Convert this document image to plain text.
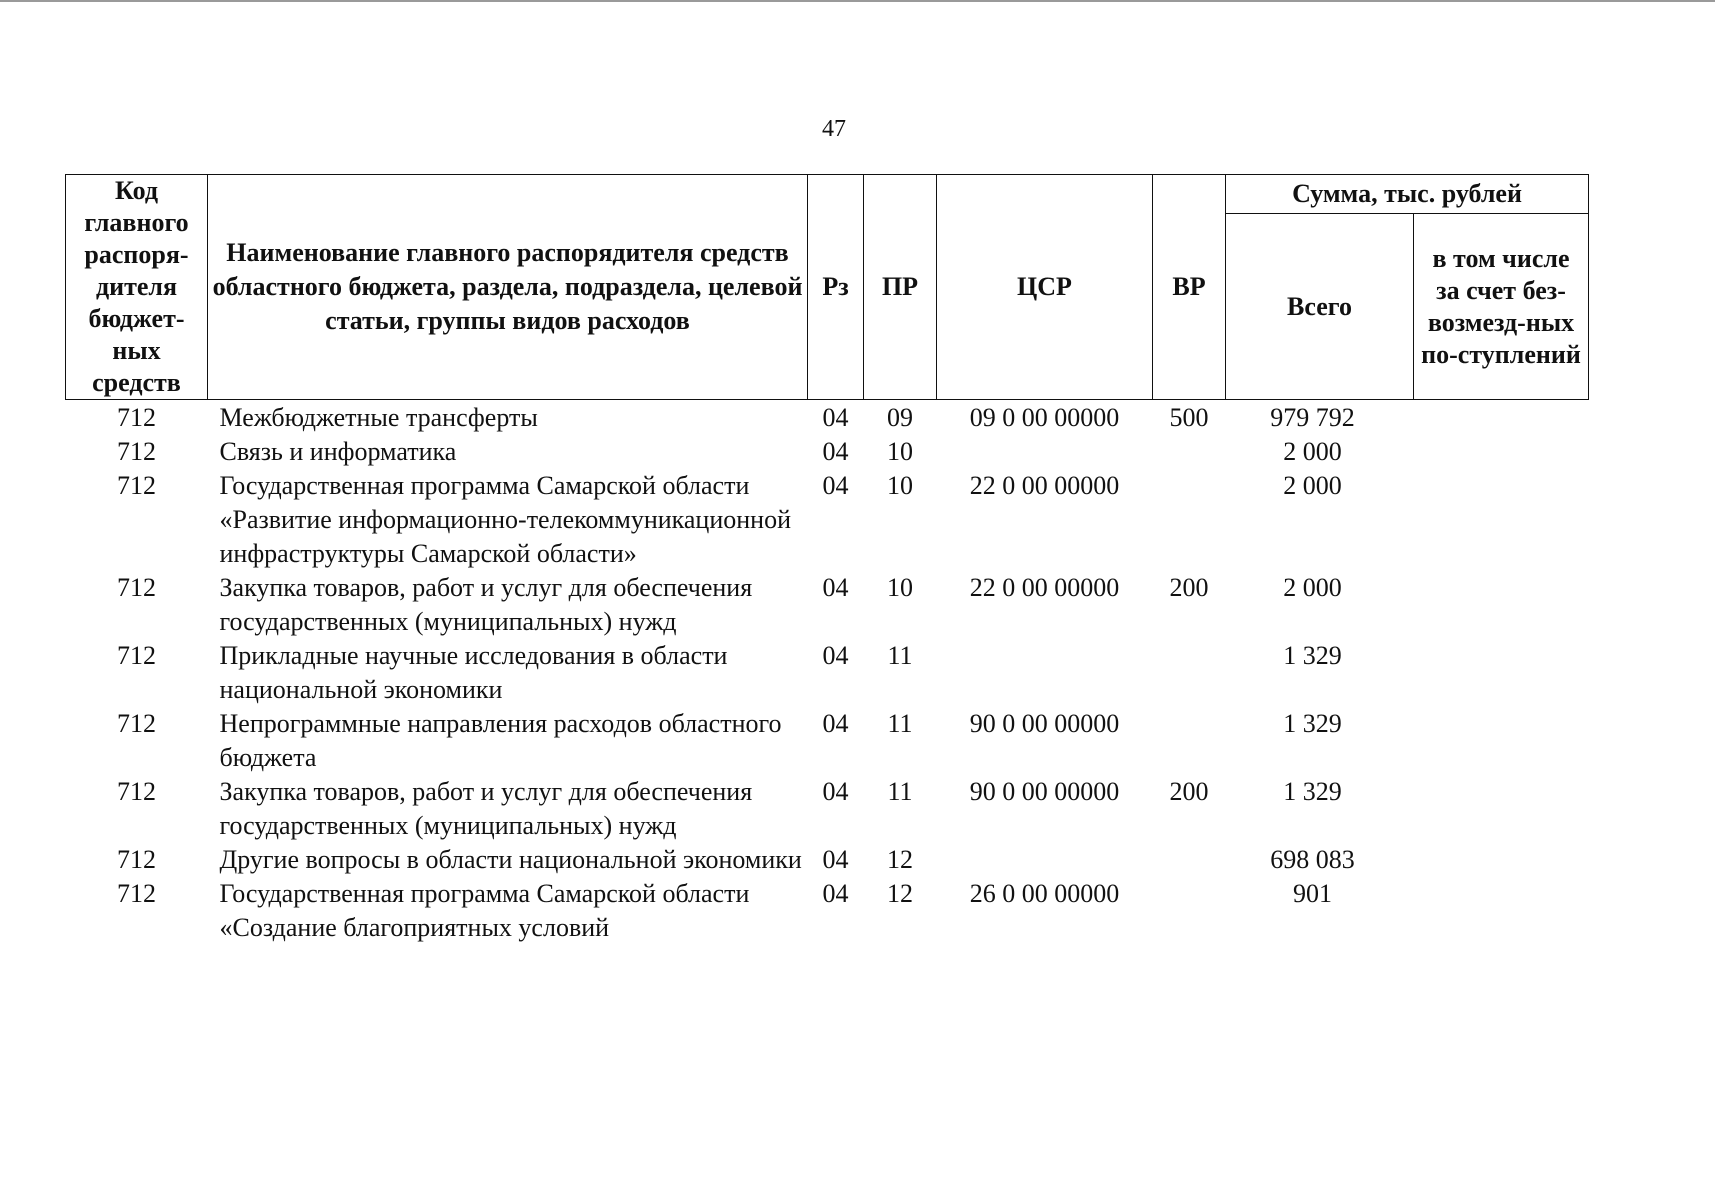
47
Код главного распоря-дителя бюджет-ных средств	Наименование главного распорядителя средств областного бюджета, раздела, подраздела, целевой статьи, группы видов расходов	Рз	ПР	ЦСР	ВР	Сумма, тыс. рублей	
						Всего	в том числе за счет без-возмезд-ных по-ступлений
712	Межбюджетные трансферты	04	09	09 0 00 00000	500	979 792	
712	Связь и информатика	04	10			2 000	
712	Государственная программа Самарской области «Развитие информационно-телекоммуникационной инфраструктуры Самарской области»	04	10	22 0 00 00000		2 000	
712	Закупка товаров, работ и услуг для обеспечения государственных (муниципальных) нужд	04	10	22 0 00 00000	200	2 000	
712	Прикладные научные исследования в области национальной экономики	04	11			1 329	
712	Непрограммные направления расходов областного бюджета	04	11	90 0 00 00000		1 329	
712	Закупка товаров, работ и услуг для обеспечения государственных (муниципальных) нужд	04	11	90 0 00 00000	200	1 329	
712	Другие вопросы в области национальной экономики	04	12			698 083	
712	Государственная программа Самарской области «Создание благоприятных условий	04	12	26 0 00 00000		901	
